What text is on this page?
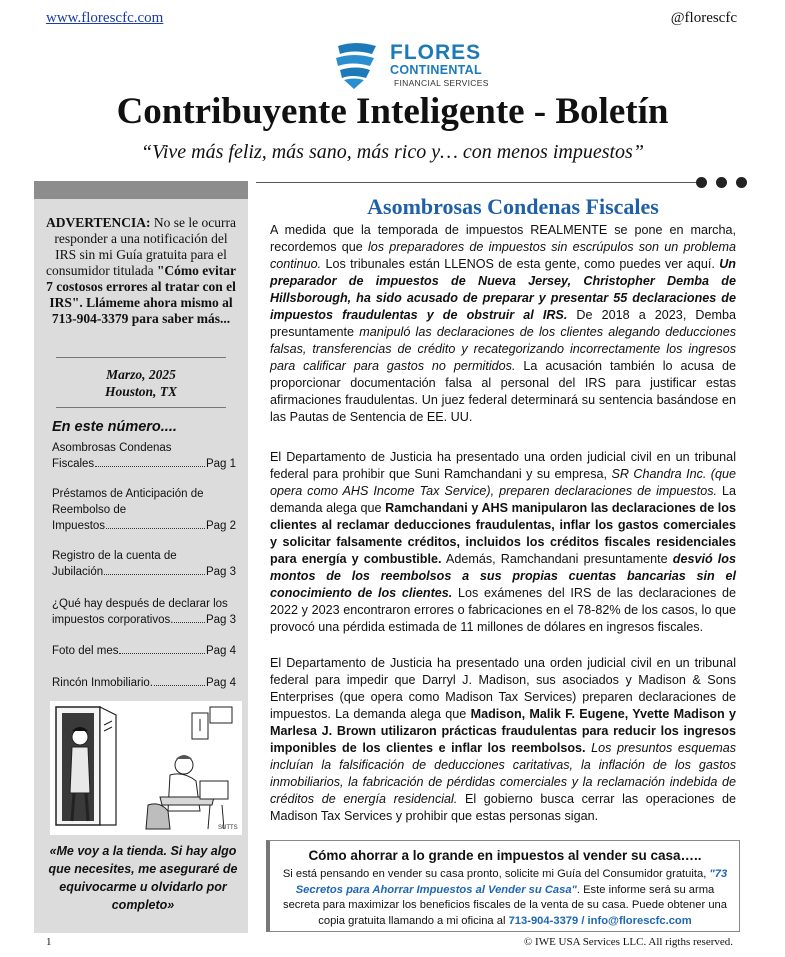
www.florescfc.com	@florescfc
FLORES
CONTINENTAL
FINANCIAL SERVICES
Contribuyente Inteligente - Boletín
“Vive más feliz, más sano, más rico y… con menos impuestos”
ADVERTENCIA: No se le ocurra responder a una notificación del IRS sin mi Guía gratuita para el consumidor titulada "Cómo evitar 7 costosos errores al tratar con el IRS". Llámeme ahora mismo al 713-904-3379 para saber más...
Marzo, 2025
Houston, TX
En este número....
Asombrosas Condenas
Fiscales	Pag 1
Préstamos de Anticipación de
Reembolso de
Impuestos	Pag 2
Registro de la cuenta de
Jubilación	Pag 3
¿Qué hay después de declarar los
impuestos corporativos.	Pag 3
Foto del mes	Pag 4
Rincón Inmobiliario.	Pag 4
SUTTS
«Me voy a la tienda. Si hay algo que necesites, me aseguraré de equivocarme u olvidarlo por completo»
Asombrosas Condenas Fiscales
A medida que la temporada de impuestos REALMENTE se pone en marcha, recordemos que los preparadores de impuestos sin escrúpulos son un problema continuo. Los tribunales están LLENOS de esta gente, como puedes ver aquí. Un preparador de impuestos de Nueva Jersey, Christopher Demba de Hillsborough, ha sido acusado de preparar y presentar 55 declaraciones de impuestos fraudulentas y de obstruir al IRS. De 2018 a 2023, Demba presuntamente manipuló las declaraciones de los clientes alegando deducciones falsas, transferencias de crédito y recategorizando incorrectamente los ingresos para calificar para gastos no permitidos. La acusación también lo acusa de proporcionar documentación falsa al personal del IRS para justificar estas afirmaciones fraudulentas. Un juez federal determinará su sentencia basándose en las Pautas de Sentencia de EE. UU.
El Departamento de Justicia ha presentado una orden judicial civil en un tribunal federal para prohibir que Suni Ramchandani y su empresa, SR Chandra Inc. (que opera como AHS Income Tax Service), preparen declaraciones de impuestos. La demanda alega que Ramchandani y AHS manipularon las declaraciones de los clientes al reclamar deducciones fraudulentas, inflar los gastos comerciales y solicitar falsamente créditos, incluidos los créditos fiscales residenciales para energía y combustible. Además, Ramchandani presuntamente desvió los montos de los reembolsos a sus propias cuentas bancarias sin el conocimiento de los clientes. Los exámenes del IRS de las declaraciones de 2022 y 2023 encontraron errores o fabricaciones en el 78-82% de los casos, lo que provocó una pérdida estimada de 11 millones de dólares en ingresos fiscales.
El Departamento de Justicia ha presentado una orden judicial civil en un tribunal federal para impedir que Darryl J. Madison, sus asociados y Madison & Sons Enterprises (que opera como Madison Tax Services) preparen declaraciones de impuestos. La demanda alega que Madison, Malik F. Eugene, Yvette Madison y Marlesa J. Brown utilizaron prácticas fraudulentas para reducir los ingresos imponibles de los clientes e inflar los reembolsos. Los presuntos esquemas incluían la falsificación de deducciones caritativas, la inflación de los gastos inmobiliarios, la fabricación de pérdidas comerciales y la reclamación indebida de créditos de energía residencial. El gobierno busca cerrar las operaciones de Madison Tax Services y prohibir que estas personas sigan.
Cómo ahorrar a lo grande en impuestos al vender su casa…..
Si está pensando en vender su casa pronto, solicite mi Guía del Consumidor gratuita, "73 Secretos para Ahorrar Impuestos al Vender su Casa". Este informe será su arma secreta para maximizar los beneficios fiscales de la venta de su casa. Puede obtener una copia gratuita llamando a mi oficina al 713-904-3379 / info@florescfc.com
1	© IWE USA Services LLC. All rigths reserved.
